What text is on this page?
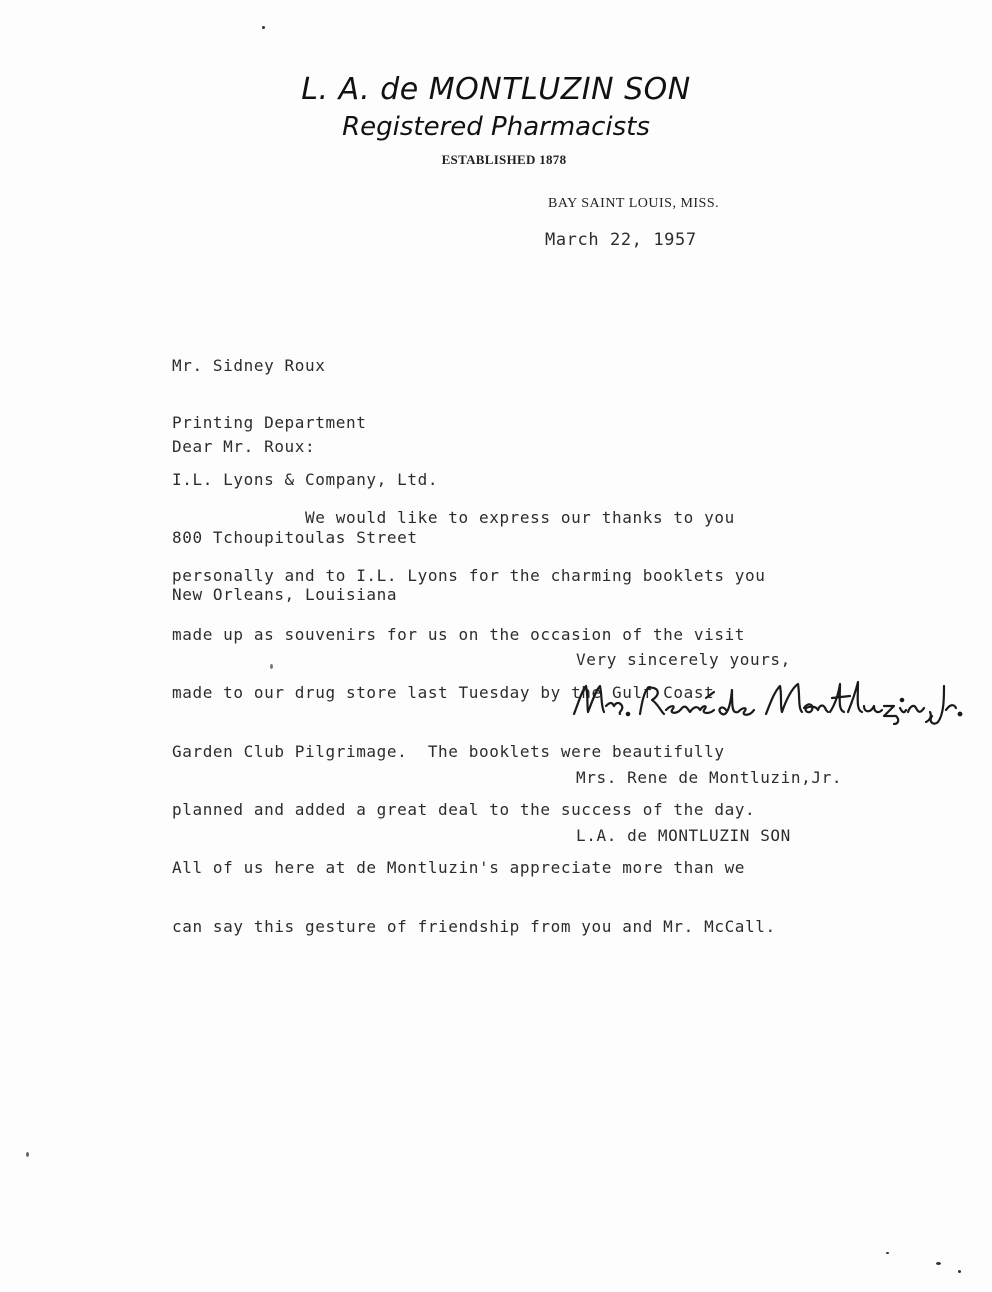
L. A. de MONTLUZIN SON
Registered Pharmacists
ESTABLISHED 1878
BAY SAINT LOUIS, MISS.
March 22, 1957

Mr. Sidney Roux

Printing Department

I.L. Lyons & Company, Ltd.

800 Tchoupitoulas Street

New Orleans, Louisiana

Dear Mr. Roux:

We would like to express our thanks to you

personally and to I.L. Lyons for the charming booklets you

made up as souvenirs for us on the occasion of the visit

made to our drug store last Tuesday by the Gulf Coast

Garden Club Pilgrimage.  The booklets were beautifully

planned and added a great deal to the success of the day.

All of us here at de Montluzin's appreciate more than we

can say this gesture of friendship from you and Mr. McCall.

Very sincerely yours,

Mrs. Rene de Montluzin,Jr.

L.A. de MONTLUZIN SON
